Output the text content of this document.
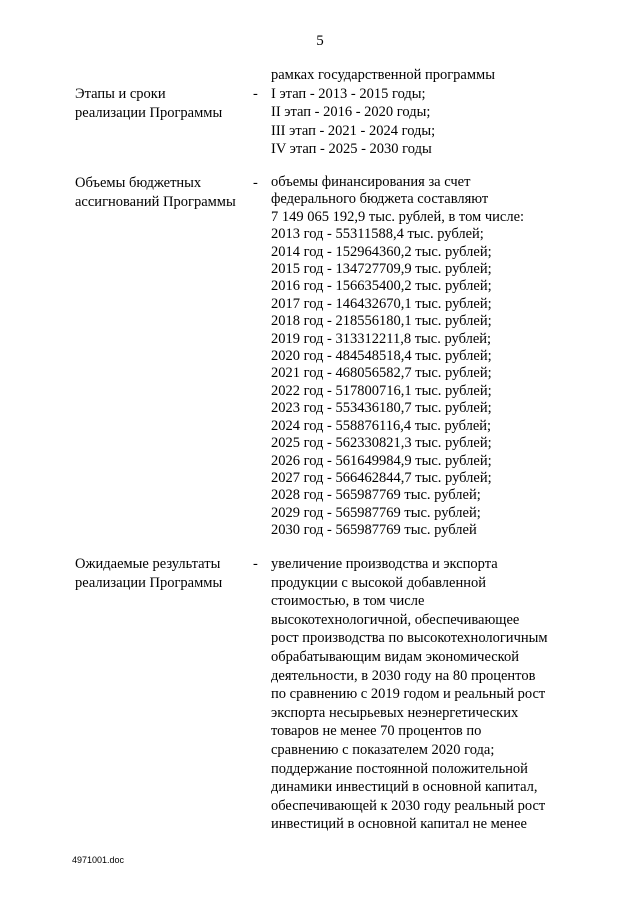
5
Этапы и сроки
реализации Программы
-
рамках государственной программы
I этап - 2013 - 2015 годы;
II этап - 2016 - 2020 годы;
III этап - 2021 - 2024 годы;
IV этап - 2025 - 2030 годы
Объемы бюджетных
ассигнований Программы
- объемы финансирования за счет
федерального бюджета составляют
7 149 065 192,9 тыс. рублей, в том числе:
2013 год - 55311588,4 тыс. рублей;
2014 год - 152964360,2 тыс. рублей;
2015 год - 134727709,9 тыс. рублей;
2016 год - 156635400,2 тыс. рублей;
2017 год - 146432670,1 тыс. рублей;
2018 год - 218556180,1 тыс. рублей;
2019 год - 313312211,8 тыс. рублей;
2020 год - 484548518,4 тыс. рублей;
2021 год - 468056582,7 тыс. рублей;
2022 год - 517800716,1 тыс. рублей;
2023 год - 553436180,7 тыс. рублей;
2024 год - 558876116,4 тыс. рублей;
2025 год - 562330821,3 тыс. рублей;
2026 год - 561649984,9 тыс. рублей;
2027 год - 566462844,7 тыс. рублей;
2028 год - 565987769 тыс. рублей;
2029 год - 565987769 тыс. рублей;
2030 год - 565987769 тыс. рублей
Ожидаемые результаты
реализации Программы
- увеличение производства и экспорта
продукции с высокой добавленной
стоимостью, в том числе
высокотехнологичной, обеспечивающее
рост производства по высокотехнологичным
обрабатывающим видам экономической
деятельности, в 2030 году на 80 процентов
по сравнению с 2019 годом и реальный рост
экспорта несырьевых неэнергетических
товаров не менее 70 процентов по
сравнению с показателем 2020 года;
поддержание постоянной положительной
динамики инвестиций в основной капитал,
обеспечивающей к 2030 году реальный рост
инвестиций в основной капитал не менее
4971001.doc
